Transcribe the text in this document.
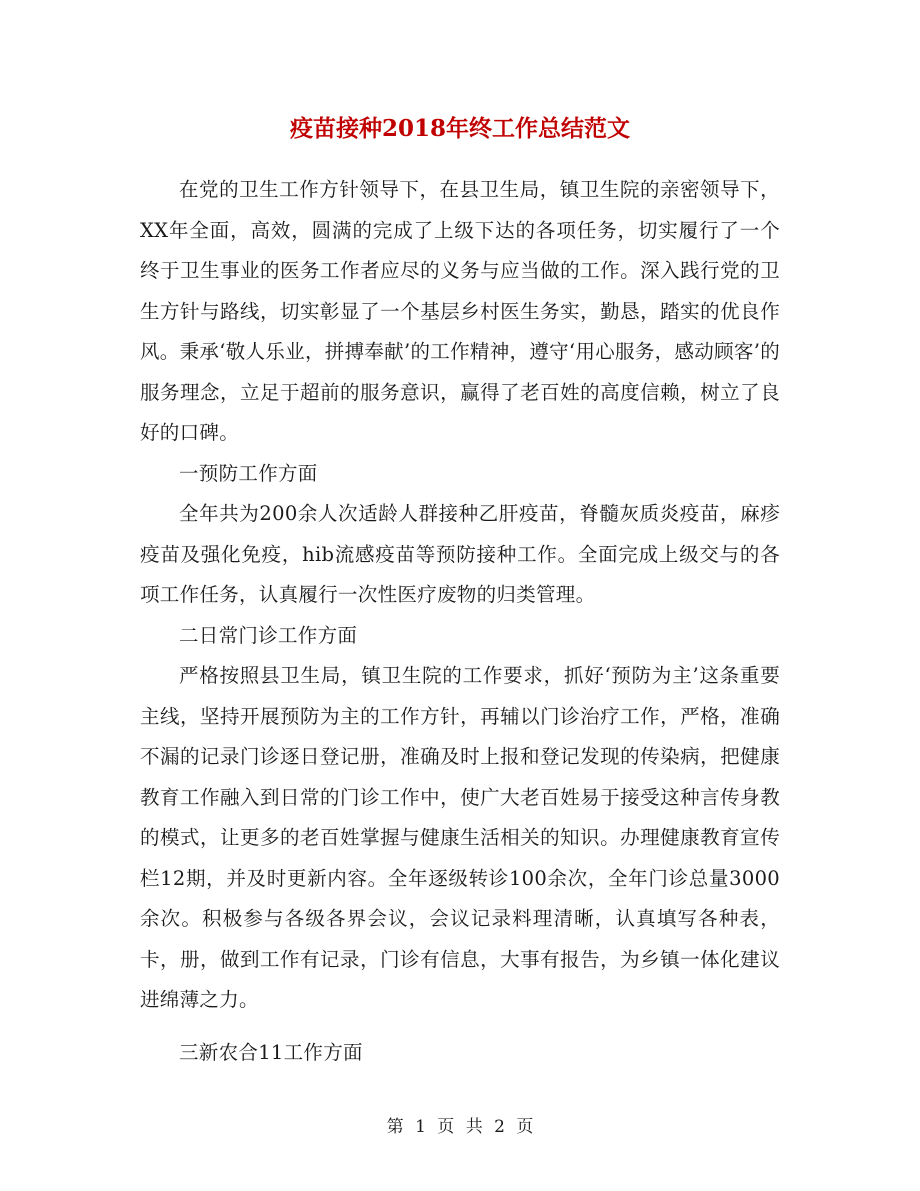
疫苗接种2018年终工作总结范文

在党的卫生工作方针领导下，在县卫生局，镇卫生院的亲密领导下，XX年全面，高效，圆满的完成了上级下达的各项任务，切实履行了一个终于卫生事业的医务工作者应尽的义务与应当做的工作。深入践行党的卫生方针与路线，切实彰显了一个基层乡村医生务实，勤恳，踏实的优良作风。秉承‘敬人乐业，拼搏奉献’的工作精神，遵守‘用心服务，感动顾客’的服务理念，立足于超前的服务意识，赢得了老百姓的高度信赖，树立了良好的口碑。

一预防工作方面

全年共为200余人次适龄人群接种乙肝疫苗，脊髓灰质炎疫苗，麻疹疫苗及强化免疫，hib流感疫苗等预防接种工作。全面完成上级交与的各项工作任务，认真履行一次性医疗废物的归类管理。

二日常门诊工作方面

严格按照县卫生局，镇卫生院的工作要求，抓好‘预防为主’这条重要主线，坚持开展预防为主的工作方针，再辅以门诊治疗工作，严格，准确不漏的记录门诊逐日登记册，准确及时上报和登记发现的传染病，把健康教育工作融入到日常的门诊工作中，使广大老百姓易于接受这种言传身教的模式，让更多的老百姓掌握与健康生活相关的知识。办理健康教育宣传栏12期，并及时更新内容。全年逐级转诊100余次，全年门诊总量3000余次。积极参与各级各界会议，会议记录料理清晰，认真填写各种表，卡，册，做到工作有记录，门诊有信息，大事有报告，为乡镇一体化建议进绵薄之力。

三新农合11工作方面

第 1 页 共 2 页
